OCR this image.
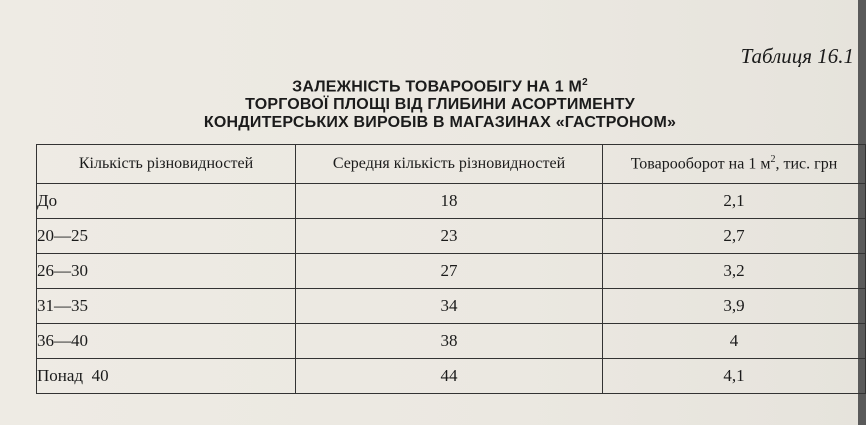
Таблиця 16.1
ЗАЛЕЖНІСТЬ ТОВАРООБІГУ НА 1 $М^2$
ТОРГОВОЇ ПЛОЩІ ВІД ГЛИБИНИ АСОРТИМЕНТУ
КОНДИТЕРСЬКИХ ВИРОБІВ В МАГАЗИНАХ «ГАСТРОНОМ»
Кількість різновидностей	Середня кількість різновидностей	Товарооборот на 1 $м^2$, тис. грн
До	18	2,1
20—25	23	2,7
26—30	27	3,2
31—35	34	3,9
36—40	38	4
Понад 40	44	4,1
